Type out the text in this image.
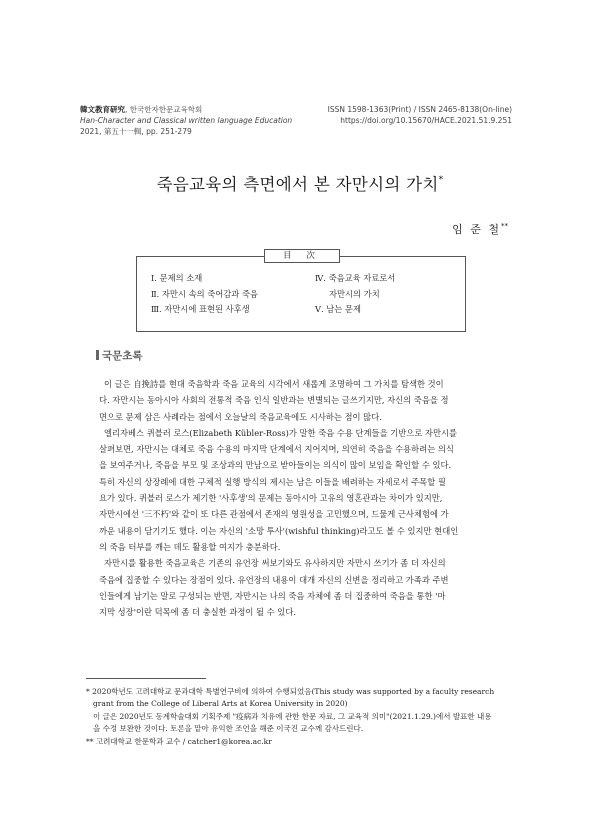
韓文教育研究, 한국한자한문교육학회
Han-Character and Classical written language Education
2021, 第五十一輯, pp. 251-279
ISSN 1598-1363(Print) / ISSN 2465-8138(On-line)
https://doi.org/10.15670/HACE.2021.51.9.251
죽음교육의 측면에서 본 자만시의 가치*
임 준 철**
目 次
Ⅰ. 문제의 소재
Ⅱ. 자만시 속의 죽어감과 죽음
Ⅲ. 자만시에 표현된 사후생
Ⅳ. 죽음교육 자료로서
자만시의 가치
Ⅴ. 남는 문제
국문초록
이 글은 自挽詩를 현대 죽음학과 죽음 교육의 시각에서 새롭게 조명하여 그 가치를 탐색한 것이
다. 자만시는 동아시아 사회의 전통적 죽음 인식 일반과는 변별되는 글쓰기지만, 자신의 죽음을 정
면으로 문제 삼은 사례라는 점에서 오늘날의 죽음교육에도 시사하는 점이 많다.
엘리자베스 퀴블러 로스(Elizabeth Kübler-Ross)가 말한 죽음 수용 단계들을 기반으로 자만시를
살펴보면, 자만시는 대체로 죽음 수용의 마지막 단계에서 지어지며, 의연히 죽음을 수용하려는 의식
을 보여주거나, 죽음을 부모 및 조상과의 만남으로 받아들이는 의식이 많이 보임을 확인할 수 있다.
특히 자신의 상장례에 대한 구체적 실행 방식의 제시는 남은 이들을 배려하는 자세로서 주목할 필
요가 있다. 퀴블러 로스가 제기한 '사후생'의 문제는 동아시아 고유의 영혼관과는 차이가 있지만,
자만시에선 '三不朽'와 같이 또 다른 관점에서 존재의 영원성을 고민했으며, 드물게 근사체험에 가
까운 내용이 담기기도 했다. 이는 자신의 '소망 투사'(wishful thinking)라고도 볼 수 있지만 현대인
의 죽음 터부를 깨는 데도 활용할 여지가 충분하다.
자만시를 활용한 죽음교육은 기존의 유언장 써보기와도 유사하지만 자만시 쓰기가 좀 더 자신의
죽음에 집중할 수 있다는 장점이 있다. 유언장의 내용이 대개 자신의 신변을 정리하고 가족과 주변
인들에게 남기는 말로 구성되는 반면, 자만시는 나의 죽음 자체에 좀 더 집중하여 죽음을 통한 '마
지막 성장'이란 덕목에 좀 더 충실한 과정이 될 수 있다.
* 2020학년도 고려대학교 문과대학 특별연구비에 의하여 수행되었음(This study was supported by a faculty research
grant from the College of Liberal Arts at Korea University in 2020)
이 글은 2020년도 동계학술대회 기획주제 "疫病과 치유에 관한 한문 자료, 그 교육적 의미"(2021.1.29.)에서 발표한 내용
을 수정 보완한 것이다. 토론을 맡아 유익한 조언을 해준 이국진 교수께 감사드린다.
** 고려대학교 한문학과 교수 / catcher1@korea.ac.kr
